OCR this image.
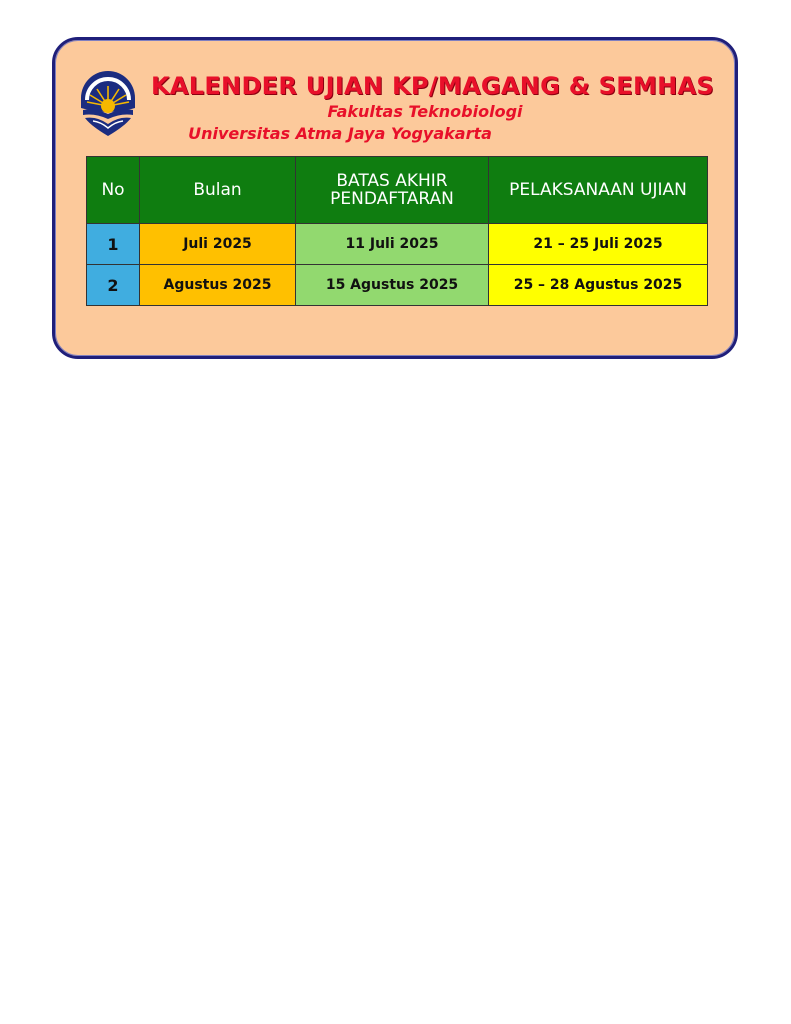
KALENDER UJIAN KP/MAGANG & SEMHAS
Fakultas Teknobiologi
Universitas Atma Jaya Yogyakarta
No	Bulan	BATAS AKHIR PENDAFTARAN	PELAKSANAAN UJIAN
1	Juli 2025	11 Juli 2025	21 – 25 Juli 2025
2	Agustus 2025	15 Agustus 2025	25 – 28 Agustus 2025
